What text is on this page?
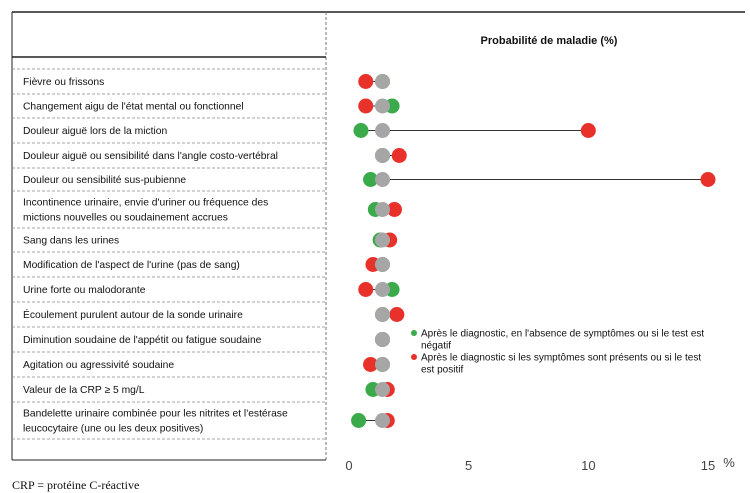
Fièvre ou frissons
Changement aigu de l'état mental ou fonctionnel
Douleur aiguë lors de la miction
Douleur aiguë ou sensibilité dans l'angle costo-vertébral
Douleur ou sensibilité sus-pubienne
Incontinence urinaire, envie d'uriner ou fréquence des
mictions nouvelles ou soudainement accrues
Sang dans les urines
Modification de l'aspect de l'urine (pas de sang)
Urine forte ou malodorante
Écoulement purulent autour de la sonde urinaire
Diminution soudaine de l'appétit ou fatigue soudaine
Agitation ou agressivité soudaine
Valeur de la CRP ≥ 5 mg/L
Bandelette urinaire combinée pour les nitrites et l'estérase
leucocytaire (une ou les deux positives)
Après le diagnostic, en l'absence de symptômes ou si le test est
négatif
Après le diagnostic si les symptômes sont présents ou si le test
est positif
Probabilité de maladie (%)
0	5	10	15 %
CRP = protéine C-réactive
